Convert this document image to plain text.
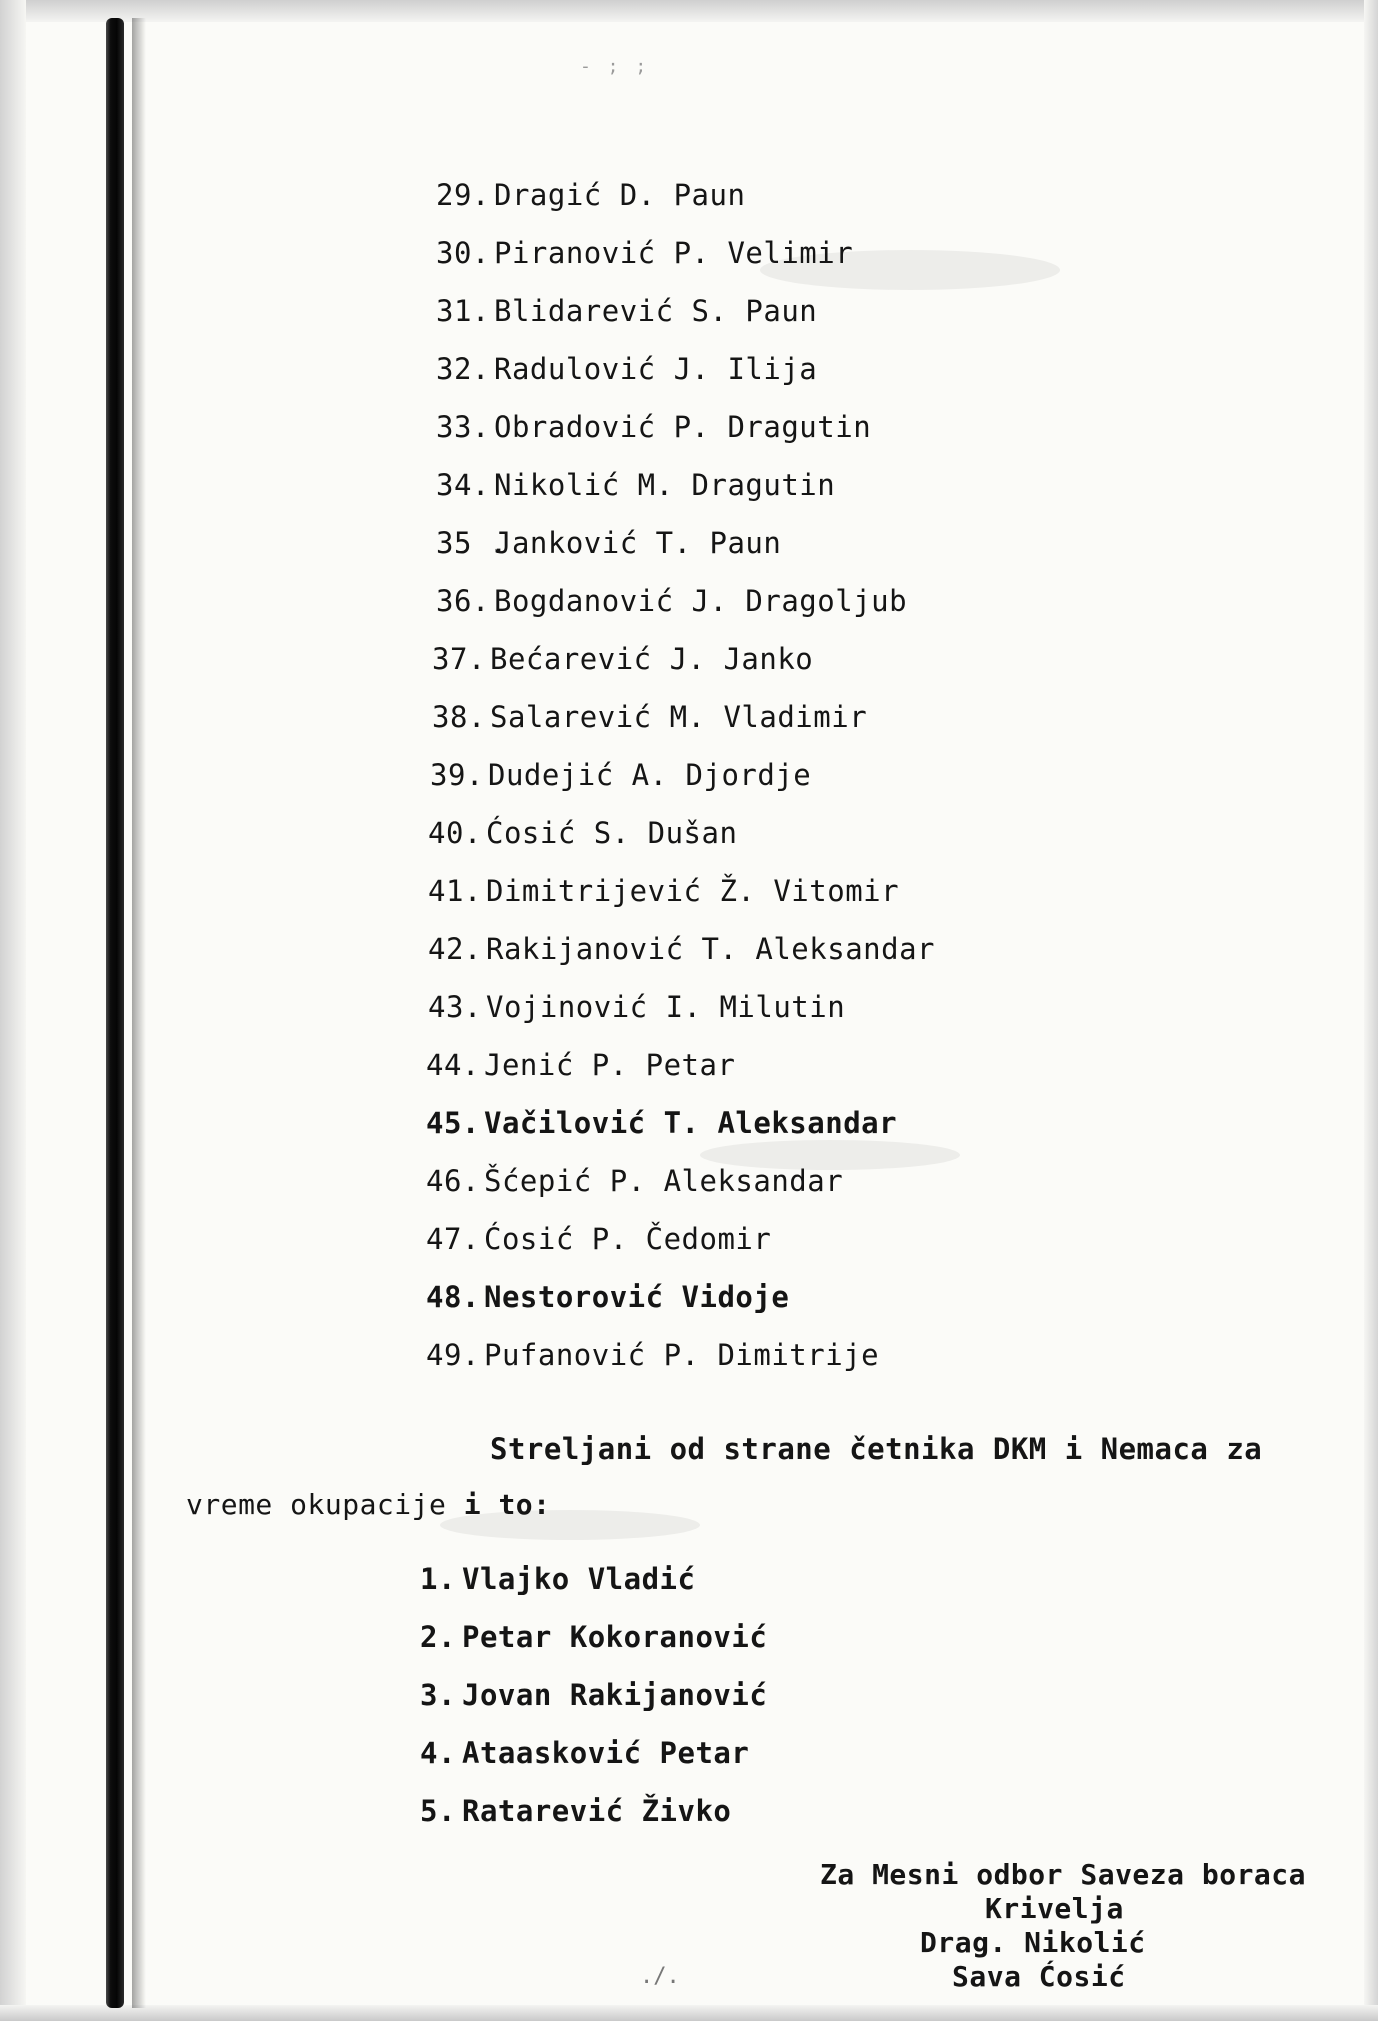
- ; ;
29. Dragić D. Paun
30. Piranović P. Velimir
31. Blidarević S. Paun
32. Radulović J. Ilija
33. Obradović P. Dragutin
34. Nikolić M. Dragutin
35 .Janković T. Paun
36. Bogdanović J. Dragoljub
37. Bećarević J. Janko
38. Salarević M. Vladimir
39. Dudejić A. Djordje
40. Ćosić S. Dušan
41. Dimitrijević Ž. Vitomir
42. Rakijanović T. Aleksandar
43. Vojinović I. Milutin
44. Jenić P. Petar
45. Vačilović T. Aleksandar
46. Šćepić P. Aleksandar
47. Ćosić P. Čedomir
48. Nestorović Vidoje
49. Pufanović P. Dimitrije
Streljani od strane četnika DKM i Nemaca za
vreme okupacije i to:
1. Vlajko Vladić
2. Petar Kokoranović
3. Jovan Rakijanović
4. Ataasković Petar
5. Ratarević Živko
Za Mesni odbor Saveza boraca
Krivelja
Drag. Nikolić
Sava Ćosić
./.
